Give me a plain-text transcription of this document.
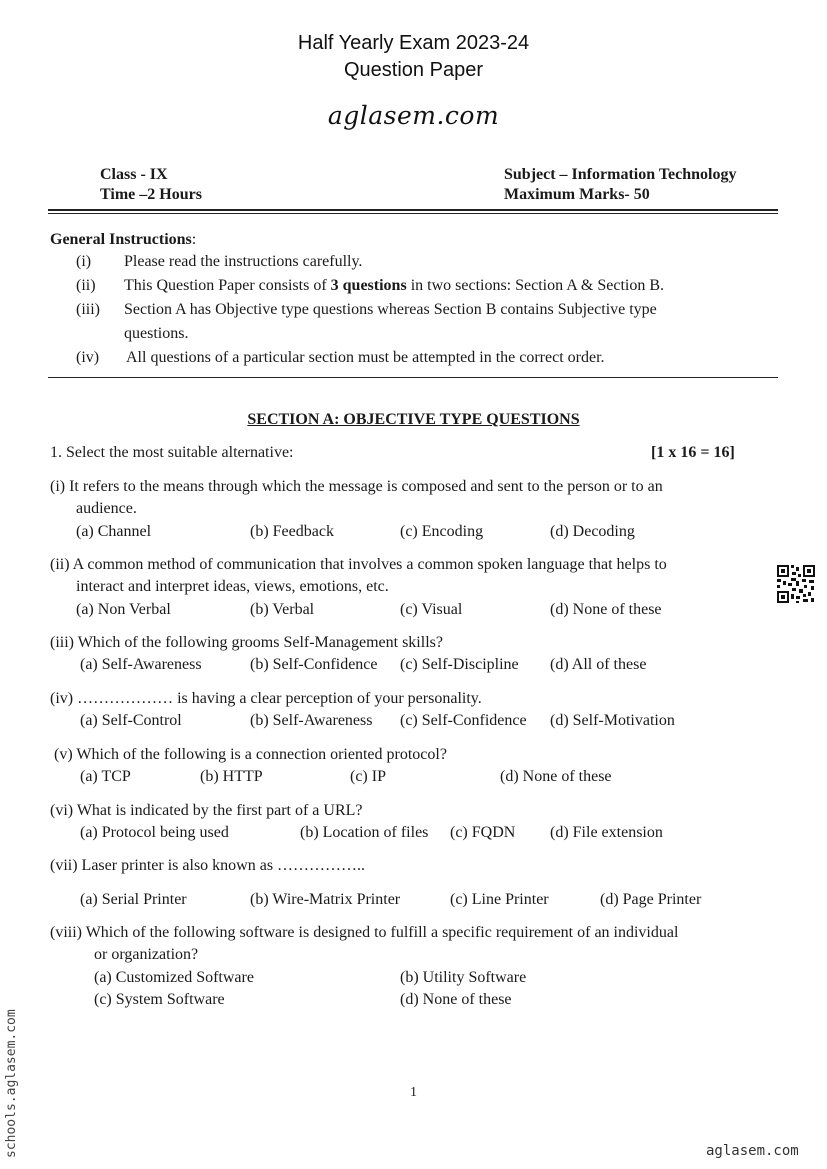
Half Yearly Exam 2023-24
Question Paper
aglasem.com
Class - IX
Time –2 Hours
Subject – Information Technology
Maximum Marks- 50
General Instructions:
(i) Please read the instructions carefully.
(ii) This Question Paper consists of 3 questions in two sections: Section A & Section B.
(iii) Section A has Objective type questions whereas Section B contains Subjective type
questions.
(iv) All questions of a particular section must be attempted in the correct order.
SECTION A: OBJECTIVE TYPE QUESTIONS
1. Select the most suitable alternative:	[1 x 16 = 16]
(i) It refers to the means through which the message is composed and sent to the person or to an
audience.
(a) Channel	(b) Feedback	(c) Encoding	(d) Decoding
(ii) A common method of communication that involves a common spoken language that helps to
interact and interpret ideas, views, emotions, etc.
(a) Non Verbal	(b) Verbal	(c) Visual	(d) None of these
(iii) Which of the following grooms Self-Management skills?
(a) Self-Awareness	(b) Self-Confidence (c) Self-Discipline (d) All of these
(iv) ……………… is having a clear perception of your personality.
(a) Self-Control	(b) Self-Awareness (c) Self-Confidence (d) Self-Motivation
(v) Which of the following is a connection oriented protocol?
(a) TCP	(b) HTTP	(c) IP	(d) None of these
(vi) What is indicated by the first part of a URL?
(a) Protocol being used	(b) Location of files (c) FQDN (d) File extension
(vii) Laser printer is also known as ……………..
(a) Serial Printer	(b) Wire-Matrix Printer	(c) Line Printer	(d) Page Printer
(viii) Which of the following software is designed to fulfill a specific requirement of an individual
or organization?
(a) Customized Software	(b) Utility Software
(c) System Software	(d) None of these
1
aglasem.com
schools.aglasem.com
